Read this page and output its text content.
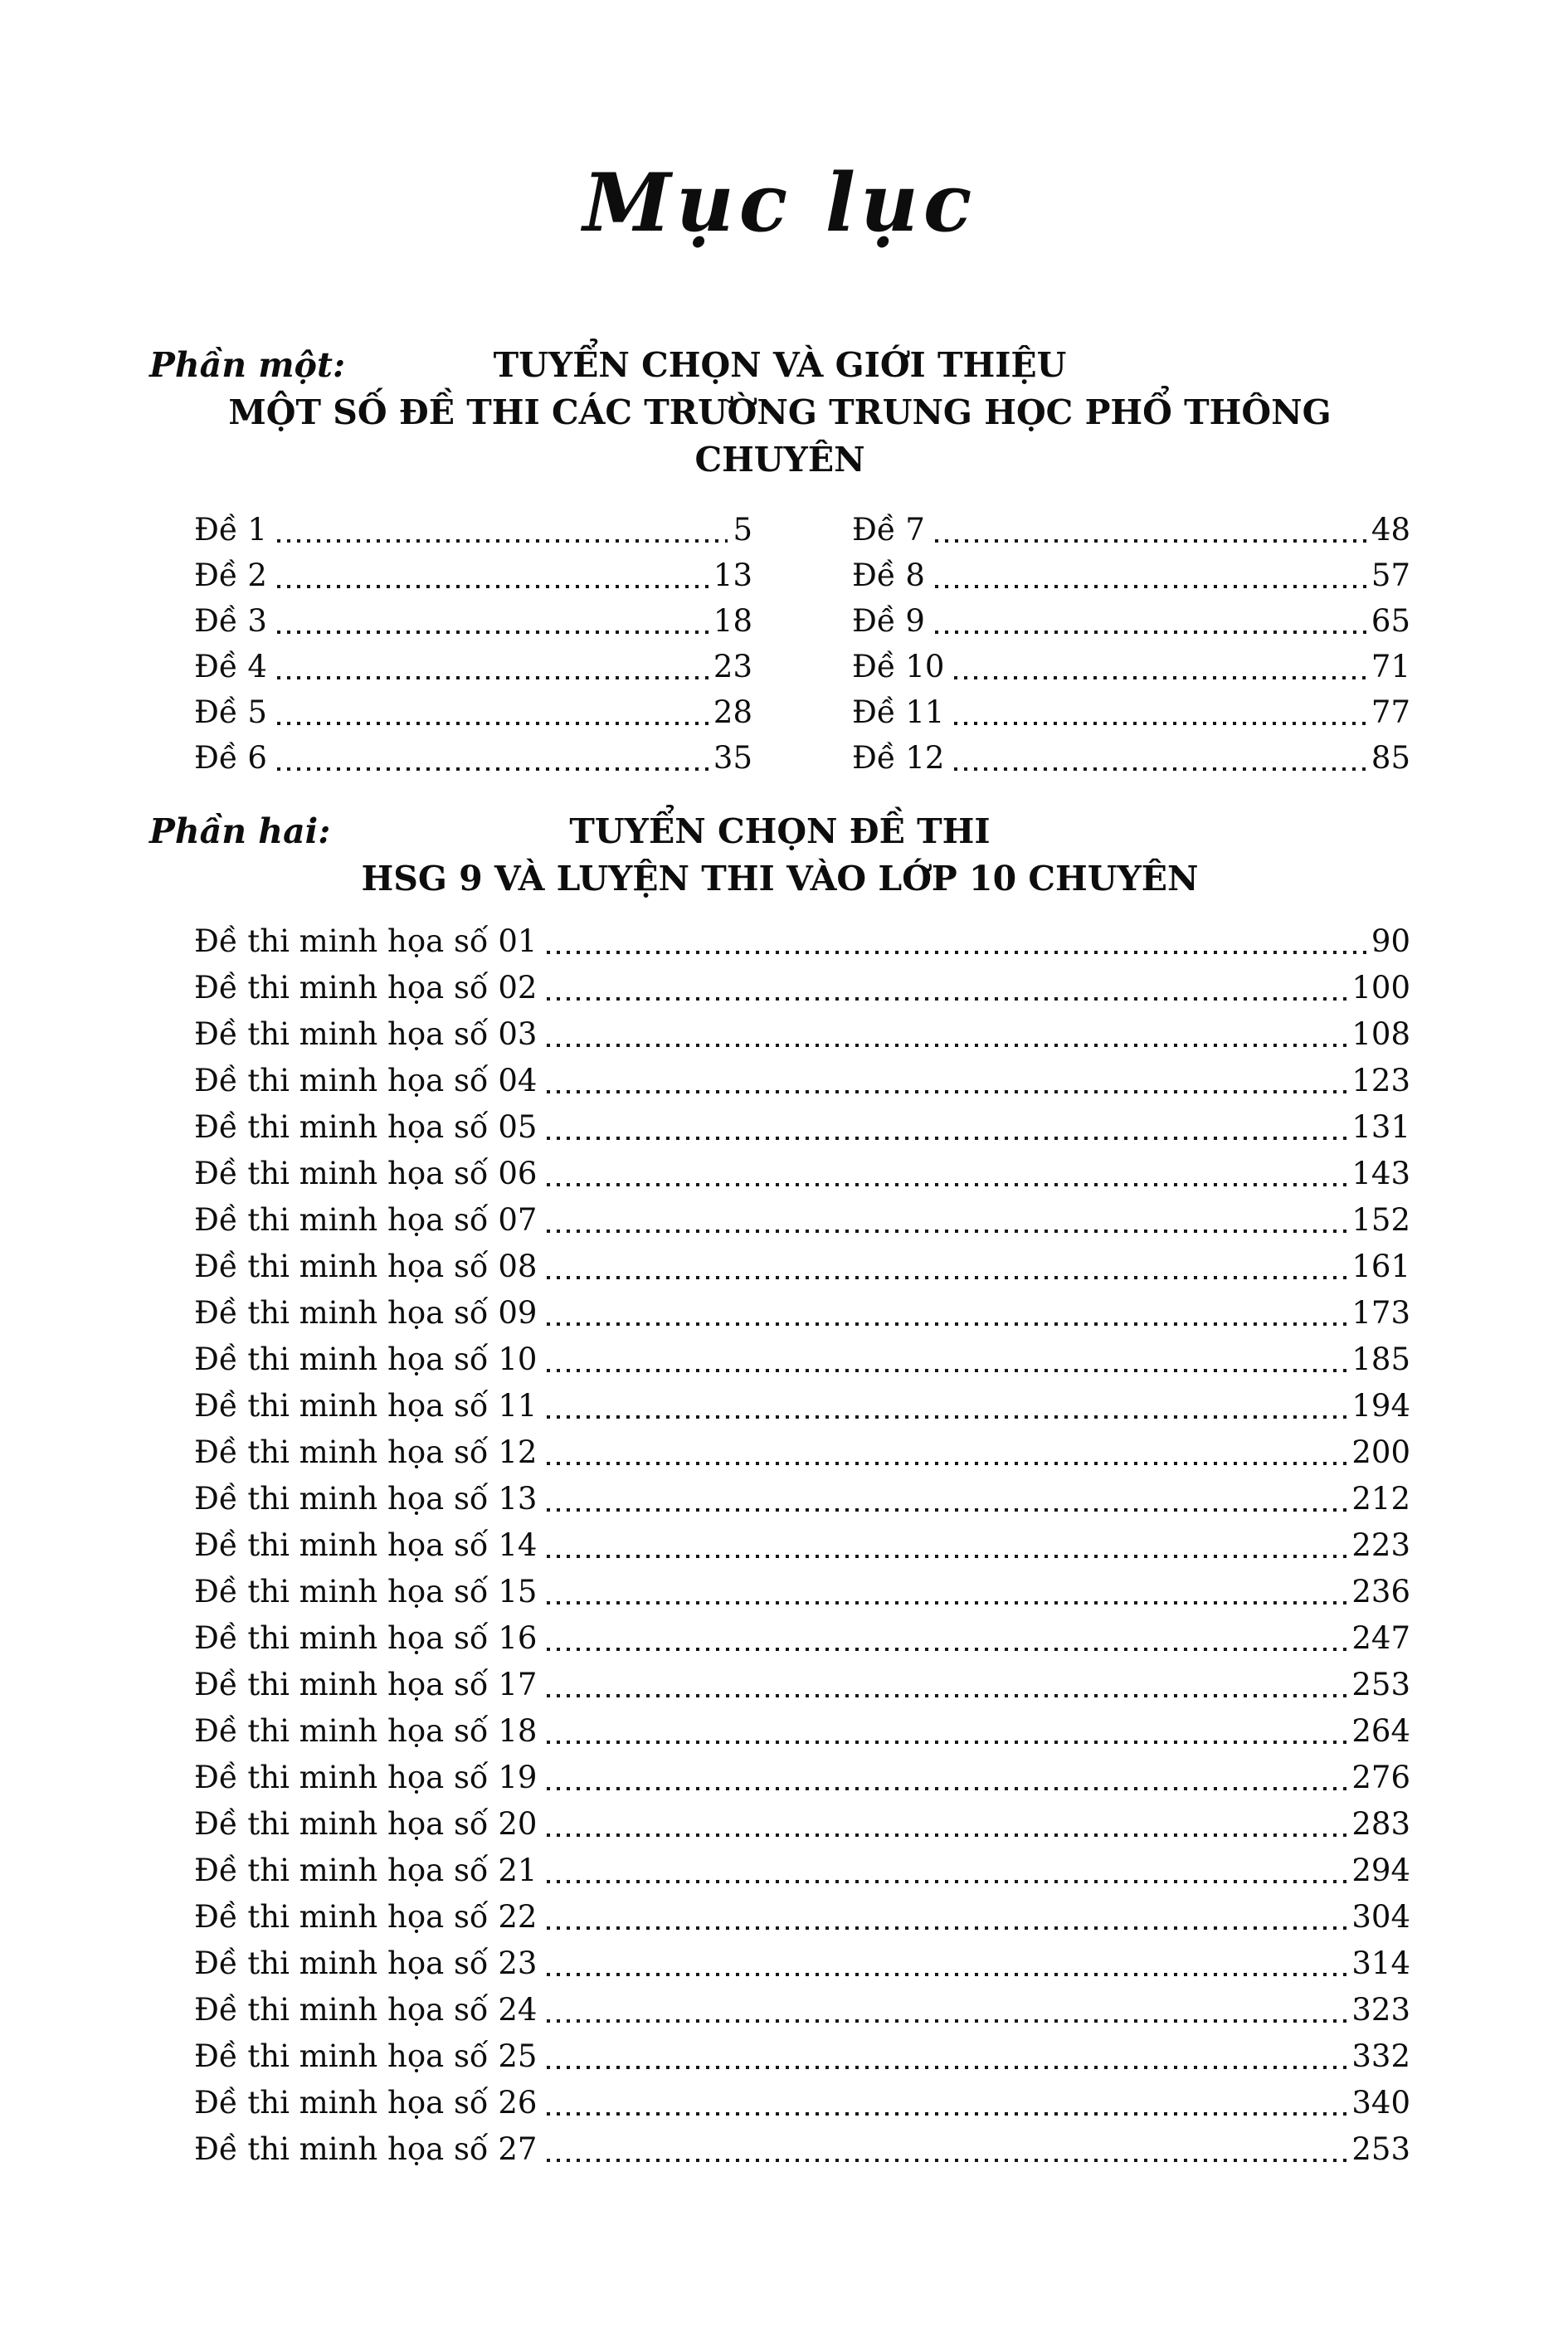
Mục lục
Phần một:	TUYỂN CHỌN VÀ GIỚI THIỆU
MỘT SỐ ĐỀ THI CÁC TRƯỜNG TRUNG HỌC PHỔ THÔNG CHUYÊN
Đề 1	5
Đề 2	13
Đề 3	18
Đề 4	23
Đề 5	28
Đề 6	35
Đề 7	48
Đề 8	57
Đề 9	65
Đề 10	71
Đề 11	77
Đề 12	85
Phần hai:	TUYỂN CHỌN ĐỀ THI
HSG 9 VÀ LUYỆN THI VÀO LỚP 10 CHUYÊN
Đề thi minh họa số 01	90
Đề thi minh họa số 02	100
Đề thi minh họa số 03	108
Đề thi minh họa số 04	123
Đề thi minh họa số 05	131
Đề thi minh họa số 06	143
Đề thi minh họa số 07	152
Đề thi minh họa số 08	161
Đề thi minh họa số 09	173
Đề thi minh họa số 10	185
Đề thi minh họa số 11	194
Đề thi minh họa số 12	200
Đề thi minh họa số 13	212
Đề thi minh họa số 14	223
Đề thi minh họa số 15	236
Đề thi minh họa số 16	247
Đề thi minh họa số 17	253
Đề thi minh họa số 18	264
Đề thi minh họa số 19	276
Đề thi minh họa số 20	283
Đề thi minh họa số 21	294
Đề thi minh họa số 22	304
Đề thi minh họa số 23	314
Đề thi minh họa số 24	323
Đề thi minh họa số 25	332
Đề thi minh họa số 26	340
Đề thi minh họa số 27	253
